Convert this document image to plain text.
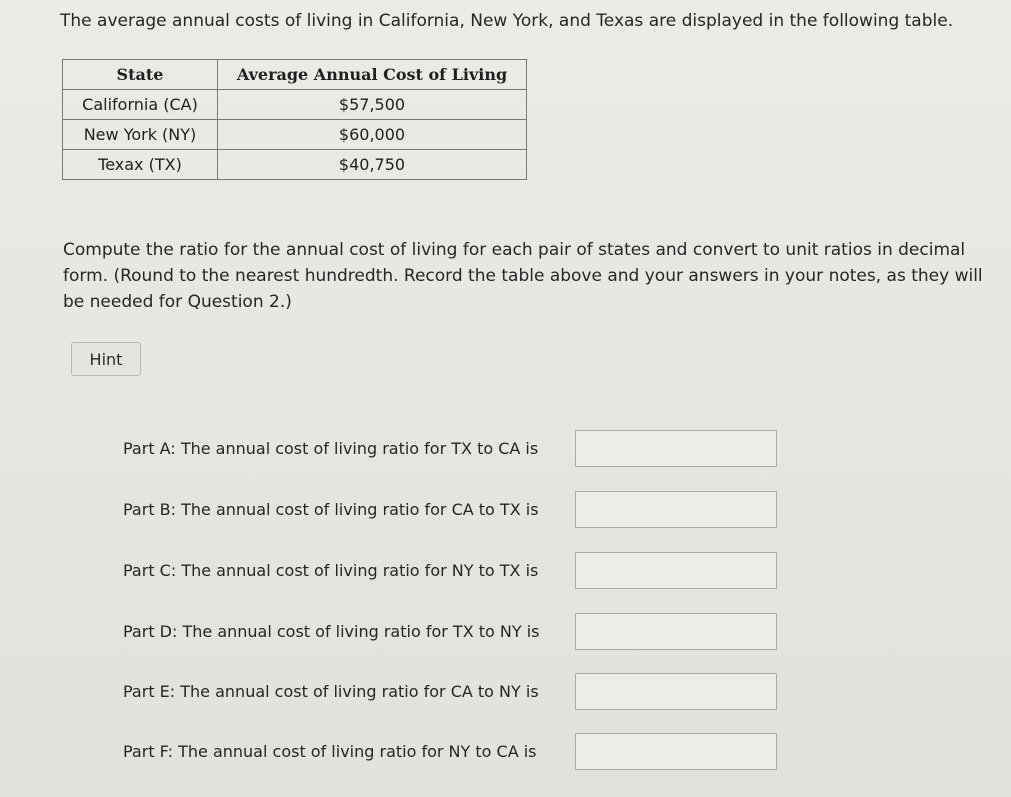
The average annual costs of living in California, New York, and Texas are displayed in the following table.
State	Average Annual Cost of Living
California (CA)	$57,500
New York (NY)	$60,000
Texax (TX)	$40,750
Compute the ratio for the annual cost of living for each pair of states and convert to unit ratios in decimal form. (Round to the nearest hundredth. Record the table above and your answers in your notes, as they will be needed for Question 2.)
Hint
Part A: The annual cost of living ratio for TX to CA is
Part B: The annual cost of living ratio for CA to TX is
Part C: The annual cost of living ratio for NY to TX is
Part D: The annual cost of living ratio for TX to NY is
Part E: The annual cost of living ratio for CA to NY is
Part F: The annual cost of living ratio for NY to CA is
